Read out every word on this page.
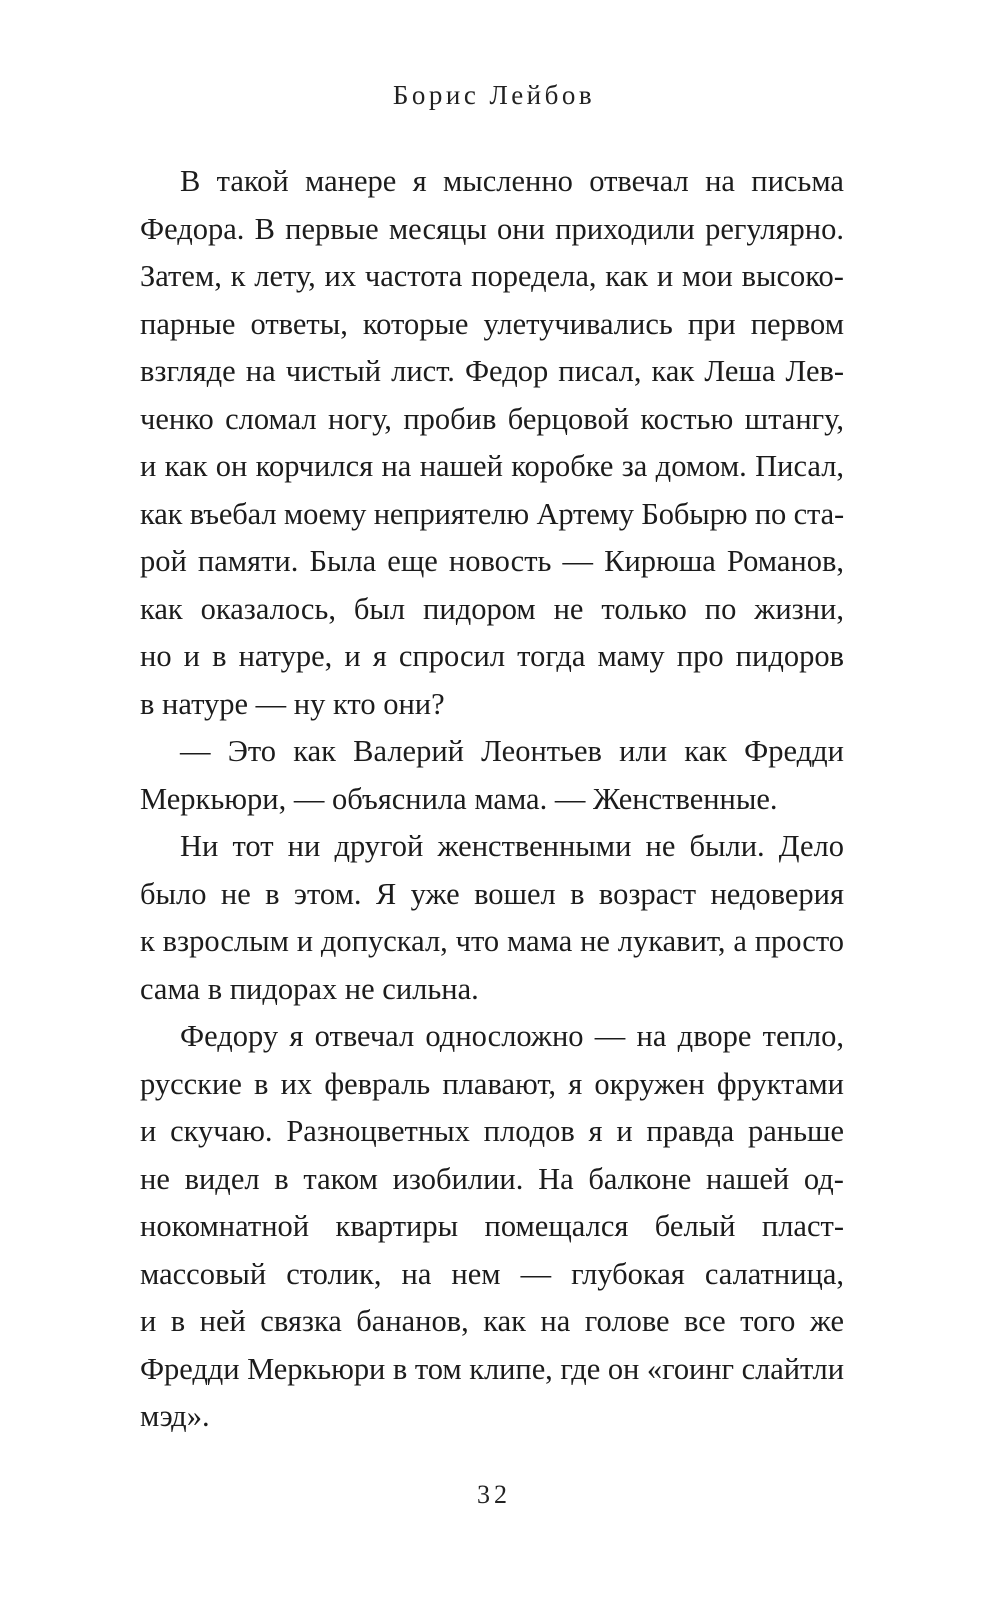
Борис Лейбов
В такой манере я мысленно отвечал на письма
Федора. В первые месяцы они приходили регулярно.
Затем, к лету, их частота поредела, как и мои высоко-
парные ответы, которые улетучивались при первом
взгляде на чистый лист. Федор писал, как Леша Лев-
ченко сломал ногу, пробив берцовой костью штангу,
и как он корчился на нашей коробке за домом. Писал,
как въебал моему неприятелю Артему Бобырю по ста-
рой памяти. Была еще новость — Кирюша Романов,
как оказалось, был пидором не только по жизни,
но и в натуре, и я спросил тогда маму про пидоров
в натуре — ну кто они?
— Это как Валерий Леонтьев или как Фредди
Меркьюри, — объяснила мама. — Женственные.
Ни тот ни другой женственными не были. Дело
было не в этом. Я уже вошел в возраст недоверия
к взрослым и допускал, что мама не лукавит, а просто
сама в пидорах не сильна.
Федору я отвечал односложно — на дворе тепло,
русские в их февраль плавают, я окружен фруктами
и скучаю. Разноцветных плодов я и правда раньше
не видел в таком изобилии. На балконе нашей од-
нокомнатной квартиры помещался белый пласт-
массовый столик, на нем — глубокая салатница,
и в ней связка бананов, как на голове все того же
Фредди Меркьюри в том клипе, где он «гоинг слайтли
мэд».
32
